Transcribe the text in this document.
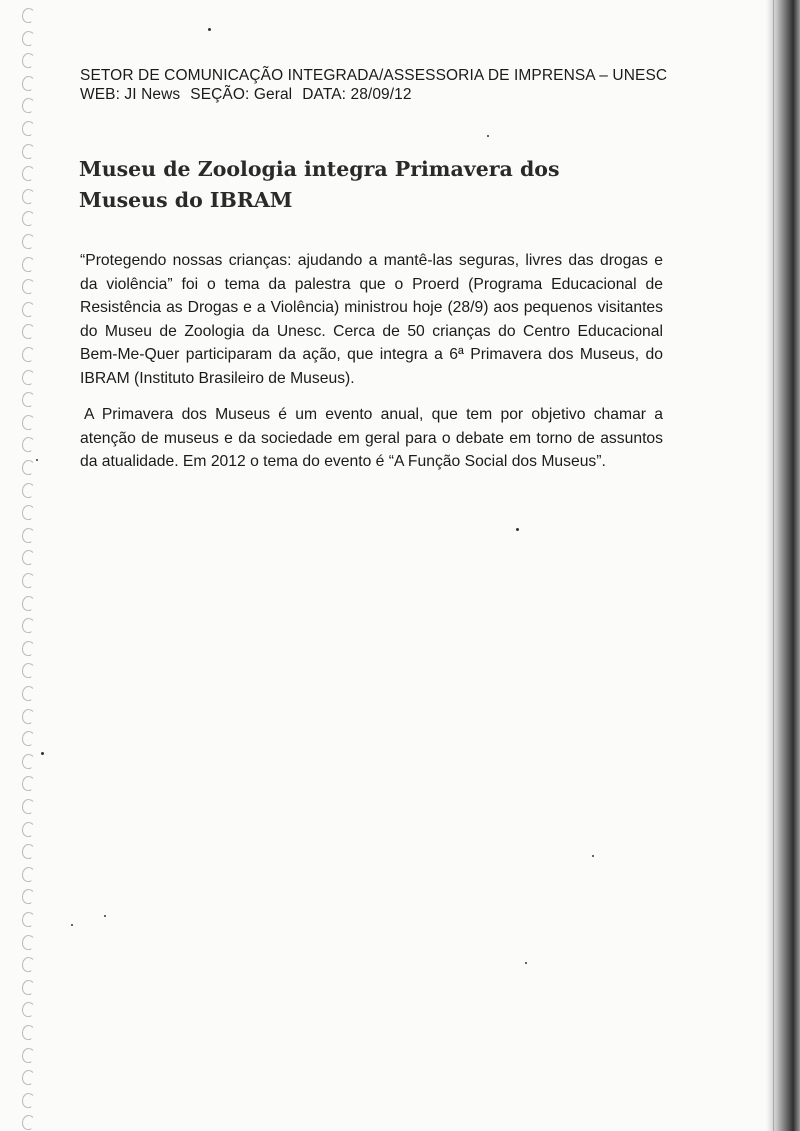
SETOR DE COMUNICAÇÃO INTEGRADA/ASSESSORIA DE IMPRENSA – UNESC
WEB: JI News SEÇÃO: Geral DATA: 28/09/12
Museu de Zoologia integra Primavera dos Museus do IBRAM

“Protegendo nossas crianças: ajudando a mantê-las seguras, livres das drogas e da violência” foi o tema da palestra que o Proerd (Programa Educacional de Resistência as Drogas e a Violência) ministrou hoje (28/9) aos pequenos visitantes do Museu de Zoologia da Unesc. Cerca de 50 crianças do Centro Educacional Bem-Me-Quer participaram da ação, que integra a 6ª Primavera dos Museus, do IBRAM (Instituto Brasileiro de Museus).

A Primavera dos Museus é um evento anual, que tem por objetivo chamar a atenção de museus e da sociedade em geral para o debate em torno de assuntos da atualidade. Em 2012 o tema do evento é “A Função Social dos Museus”.
